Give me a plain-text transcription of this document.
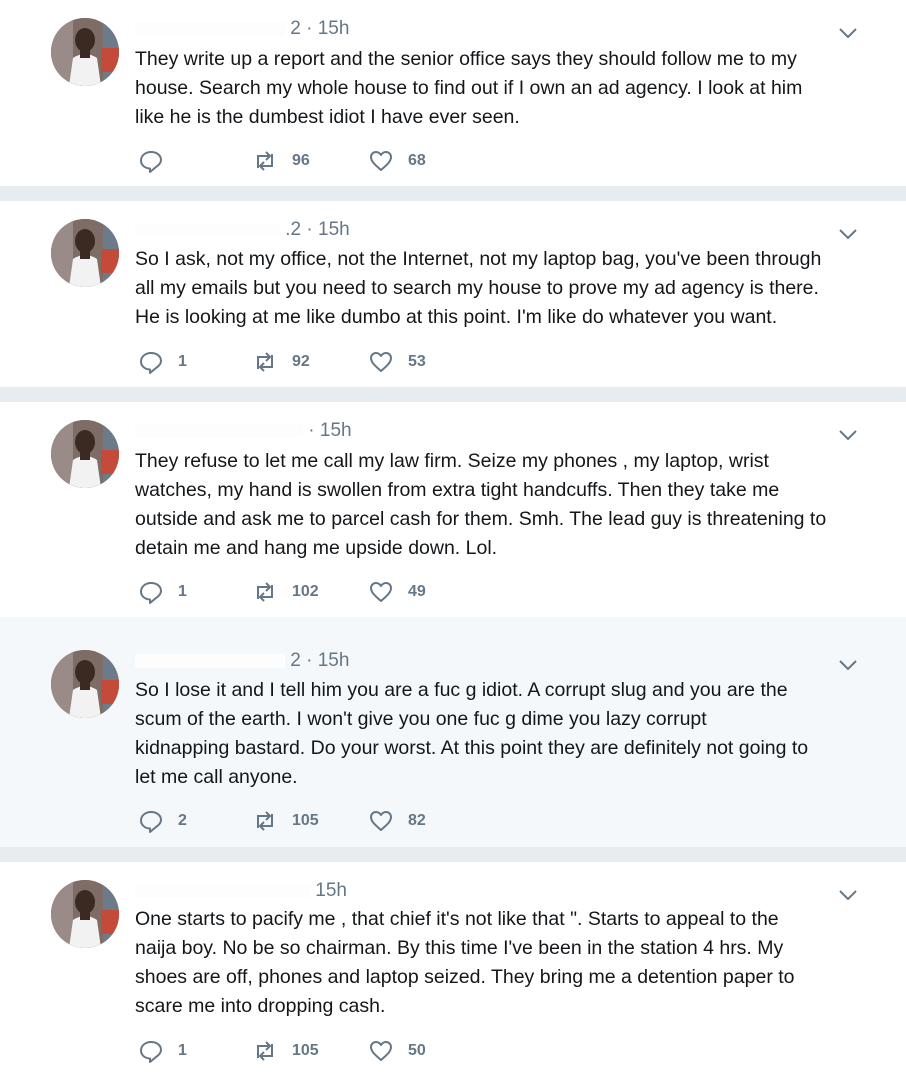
2 · 15h
They write up a report and the senior office says they should follow me to my
house. Search my whole house to find out if I own an ad agency. I look at him
like he is the dumbest idiot I have ever seen.
96	68
.2 · 15h
So I ask, not my office, not the Internet, not my laptop bag, you've been through
all my emails but you need to search my house to prove my ad agency is there.
He is looking at me like dumbo at this point. I'm like do whatever you want.
1	92	53
· 15h
They refuse to let me call my law firm. Seize my phones , my laptop, wrist
watches, my hand is swollen from extra tight handcuffs. Then they take me
outside and ask me to parcel cash for them. Smh. The lead guy is threatening to
detain me and hang me upside down. Lol.
1	102	49
2 · 15h
So I lose it and I tell him you are a fuc g idiot. A corrupt slug and you are the
scum of the earth. I won't give you one fuc g dime you lazy corrupt
kidnapping bastard. Do your worst. At this point they are definitely not going to
let me call anyone.
2	105	82
15h
One starts to pacify me , that chief it's not like that ". Starts to appeal to the
naija boy. No be so chairman. By this time I've been in the station 4 hrs. My
shoes are off, phones and laptop seized. They bring me a detention paper to
scare me into dropping cash.
1	105	50
